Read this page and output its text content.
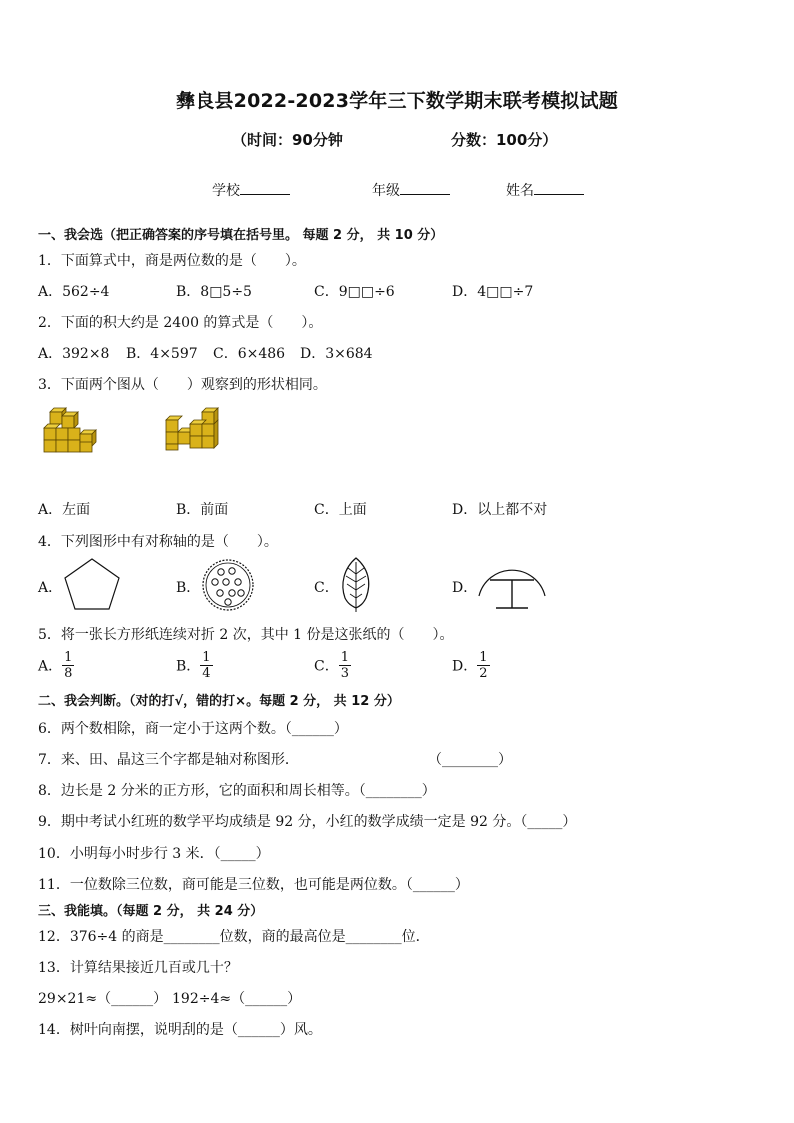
彝良县2022-2023学年三下数学期末联考模拟试题
（时间：90分钟	分数：100分）
学校	年级	姓名
一、我会选（把正确答案的序号填在括号里。 每题 2 分， 共 10 分）
1．下面算式中，商是两位数的是（　　）。
A．562÷4	B．8□5÷5	C．9□□÷6	D．4□□÷7
2．下面的积大约是 2400 的算式是（　　）。
A．392×8 B．4×597 C．6×486 D．3×684
3．下面两个图从（　　）观察到的形状相同。
A．左面	B．前面	C．上面	D．以上都不对
4．下列图形中有对称轴的是（　　）。
A．	B．	C．	D．
5．将一张长方形纸连续对折 2 次，其中 1 份是这张纸的（　　）。
A． $\frac{1}{8}$	B． $\frac{1}{4}$	C． $\frac{1}{3}$	D． $\frac{1}{2}$
二、我会判断。（对的打√，错的打×。每题 2 分， 共 12 分）
6．两个数相除，商一定小于这两个数。（______）
7．来、田、晶这三个字都是轴对称图形．	（________）
8．边长是 2 分米的正方形，它的面积和周长相等。（________）
9．期中考试小红班的数学平均成绩是 92 分，小红的数学成绩一定是 92 分。（_____）
10．小明每小时步行 3 米．（_____）
11．一位数除三位数，商可能是三位数，也可能是两位数。（______）
三、我能填。（每题 2 分， 共 24 分）
12．376÷4 的商是________位数，商的最高位是________位．
13．计算结果接近几百或几十？
29×21≈（______） 192÷4≈（______）
14．树叶向南摆，说明刮的是（______）风。
